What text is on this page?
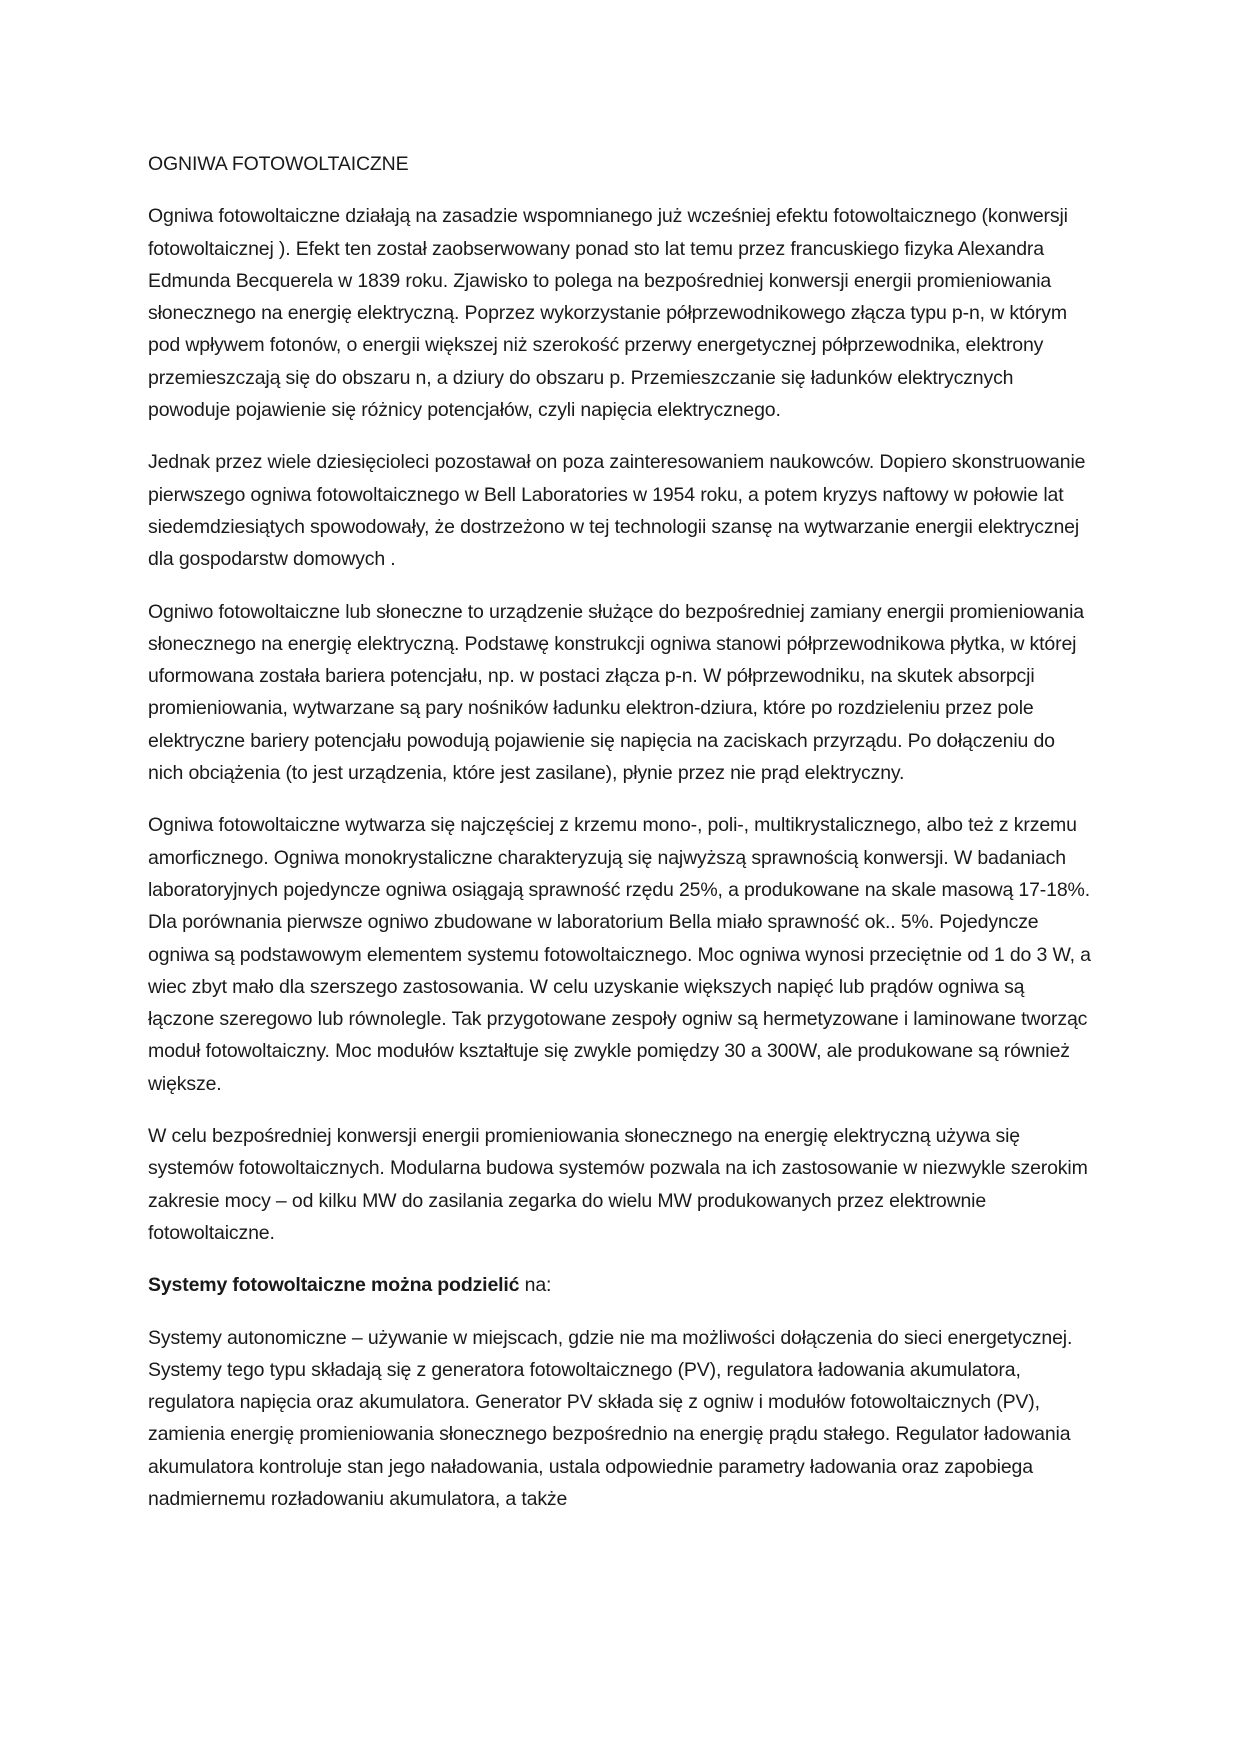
OGNIWA FOTOWOLTAICZNE

Ogniwa fotowoltaiczne działają na zasadzie wspomnianego już wcześniej efektu fotowoltaicznego (konwersji fotowoltaicznej ). Efekt ten został zaobserwowany ponad sto lat temu przez francuskiego fizyka Alexandra Edmunda Becquerela w 1839 roku. Zjawisko to polega na bezpośredniej konwersji energii promieniowania słonecznego na energię elektryczną. Poprzez wykorzystanie półprzewodnikowego złącza typu p-n, w którym pod wpływem fotonów, o energii większej niż szerokość przerwy energetycznej półprzewodnika, elektrony przemieszczają się do obszaru n, a dziury do obszaru p. Przemieszczanie się ładunków elektrycznych powoduje pojawienie się różnicy potencjałów, czyli napięcia elektrycznego.

Jednak przez wiele dziesięcioleci pozostawał on poza zainteresowaniem naukowców. Dopiero skonstruowanie pierwszego ogniwa fotowoltaicznego w Bell Laboratories w 1954 roku, a potem kryzys naftowy w połowie lat siedemdziesiątych spowodowały, że dostrzeżono w tej technologii szansę na wytwarzanie energii elektrycznej dla gospodarstw domowych .

Ogniwo fotowoltaiczne lub słoneczne to urządzenie służące do bezpośredniej zamiany energii promieniowania słonecznego na energię elektryczną. Podstawę konstrukcji ogniwa stanowi półprzewodnikowa płytka, w której uformowana została bariera potencjału, np. w postaci złącza p-n. W półprzewodniku, na skutek absorpcji promieniowania, wytwarzane są pary nośników ładunku elektron-dziura, które po rozdzieleniu przez pole elektryczne bariery potencjału powodują pojawienie się napięcia na zaciskach przyrządu. Po dołączeniu do nich obciążenia (to jest urządzenia, które jest zasilane), płynie przez nie prąd elektryczny.

Ogniwa fotowoltaiczne wytwarza się najczęściej z krzemu mono-, poli-, multikrystalicznego, albo też z krzemu amorficznego. Ogniwa monokrystaliczne charakteryzują się najwyższą sprawnością konwersji. W badaniach laboratoryjnych pojedyncze ogniwa osiągają sprawność rzędu 25%, a produkowane na skale masową 17-18%. Dla porównania pierwsze ogniwo zbudowane w laboratorium Bella miało sprawność ok.. 5%. Pojedyncze ogniwa są podstawowym elementem systemu fotowoltaicznego. Moc ogniwa wynosi przeciętnie od 1 do 3 W, a wiec zbyt mało dla szerszego zastosowania. W celu uzyskanie większych napięć lub prądów ogniwa są łączone szeregowo lub równolegle. Tak przygotowane zespoły ogniw są hermetyzowane i laminowane tworząc moduł fotowoltaiczny. Moc modułów kształtuje się zwykle pomiędzy 30 a 300W, ale produkowane są również większe.

W celu bezpośredniej konwersji energii promieniowania słonecznego na energię elektryczną używa się systemów fotowoltaicznych. Modularna budowa systemów pozwala na ich zastosowanie w niezwykle szerokim zakresie mocy – od kilku MW do zasilania zegarka do wielu MW produkowanych przez elektrownie fotowoltaiczne.

Systemy fotowoltaiczne można podzielić na:

Systemy autonomiczne – używanie w miejscach, gdzie nie ma możliwości dołączenia do sieci energetycznej. Systemy tego typu składają się z generatora fotowoltaicznego (PV), regulatora ładowania akumulatora, regulatora napięcia oraz akumulatora. Generator PV składa się z ogniw i modułów fotowoltaicznych (PV), zamienia energię promieniowania słonecznego bezpośrednio na energię prądu stałego. Regulator ładowania akumulatora kontroluje stan jego naładowania, ustala odpowiednie parametry ładowania oraz zapobiega nadmiernemu rozładowaniu akumulatora, a także
